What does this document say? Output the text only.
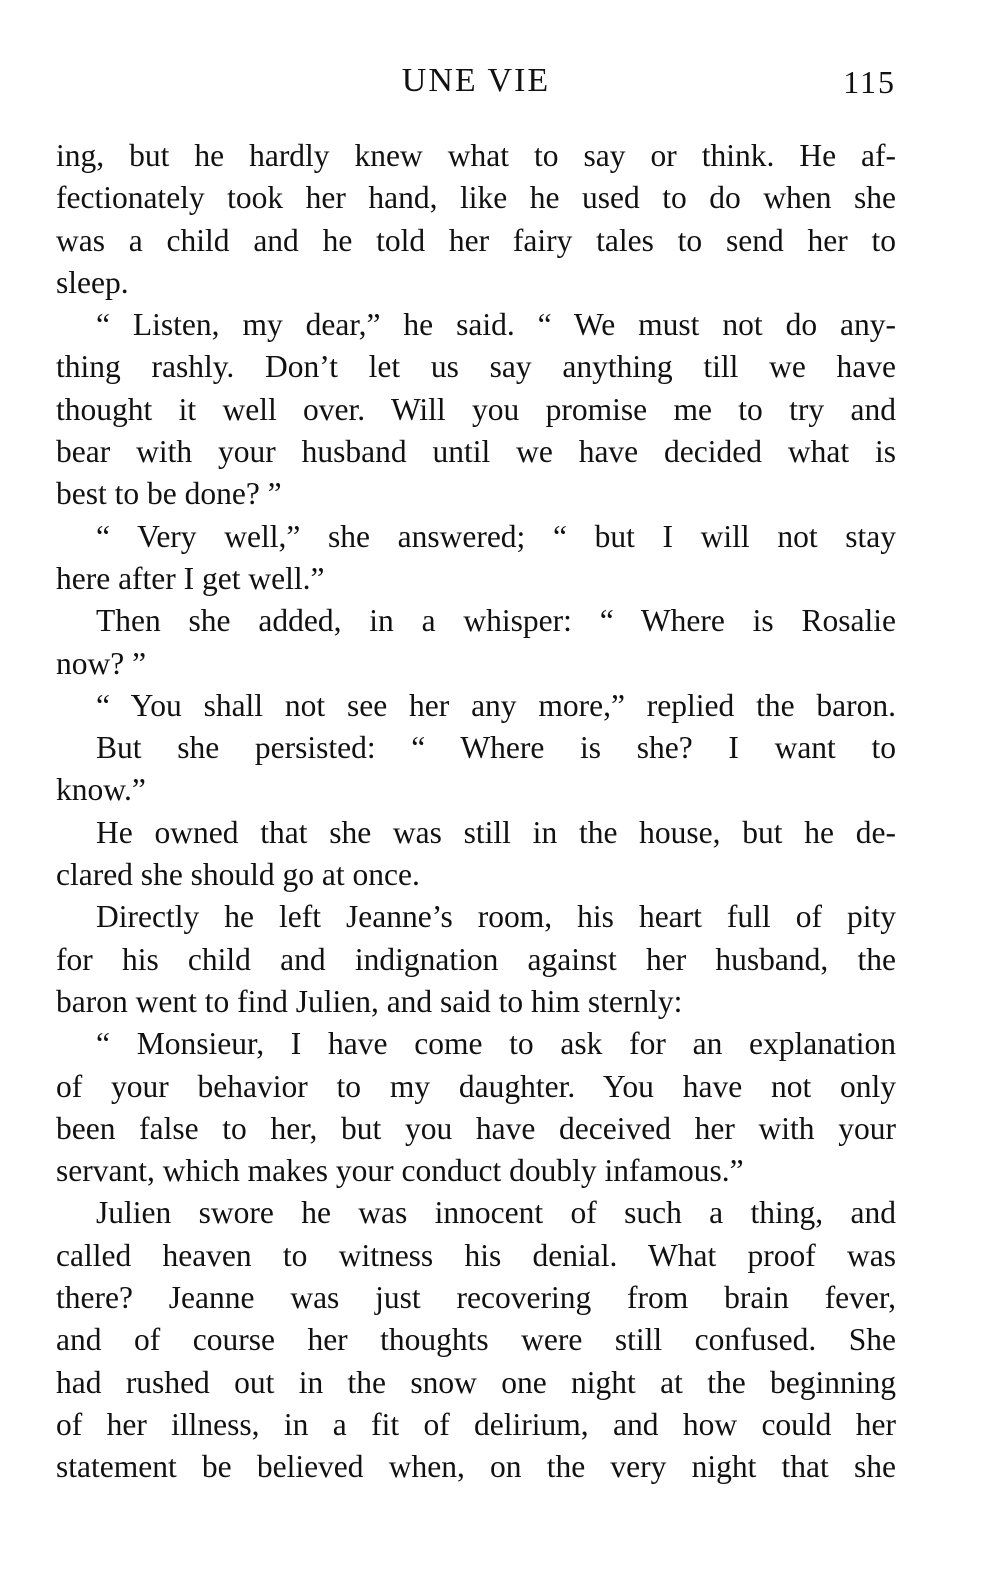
UNE VIE	115
ing, but he hardly knew what to say or think. He af-
fectionately took her hand, like he used to do when she
was a child and he told her fairy tales to send her to
sleep.
“ Listen, my dear,” he said. “ We must not do any-
thing rashly. Don’t let us say anything till we have
thought it well over. Will you promise me to try and
bear with your husband until we have decided what is
best to be done? ”
“ Very well,” she answered; “ but I will not stay
here after I get well.”
Then she added, in a whisper: “ Where is Rosalie
now? ”
“ You shall not see her any more,” replied the baron.
But she persisted: “ Where is she? I want to
know.”
He owned that she was still in the house, but he de-
clared she should go at once.
Directly he left Jeanne’s room, his heart full of pity
for his child and indignation against her husband, the
baron went to find Julien, and said to him sternly:
“ Monsieur, I have come to ask for an explanation
of your behavior to my daughter. You have not only
been false to her, but you have deceived her with your
servant, which makes your conduct doubly infamous.”
Julien swore he was innocent of such a thing, and
called heaven to witness his denial. What proof was
there? Jeanne was just recovering from brain fever,
and of course her thoughts were still confused. She
had rushed out in the snow one night at the beginning
of her illness, in a fit of delirium, and how could her
statement be believed when, on the very night that she
